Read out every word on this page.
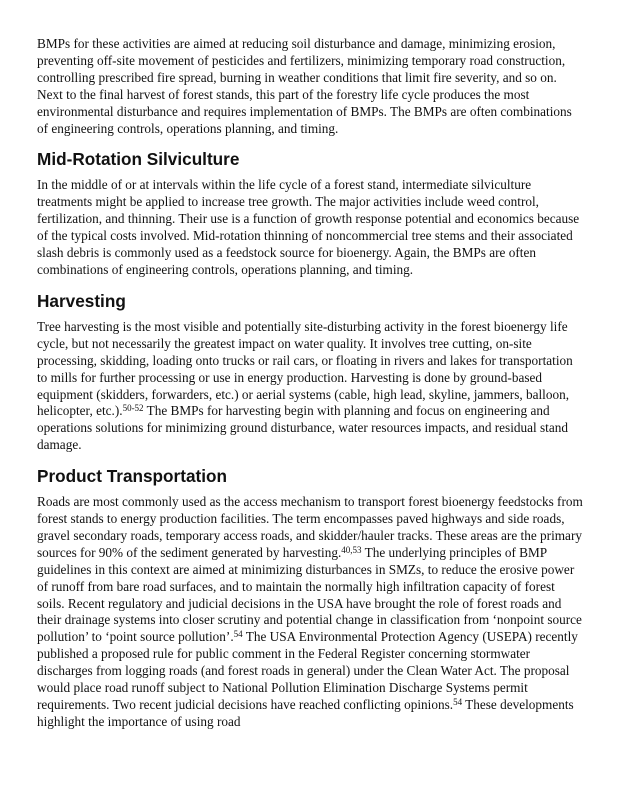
BMPs for these activities are aimed at reducing soil disturbance and damage, minimizing erosion, preventing off-site movement of pesticides and fertilizers, minimizing temporary road construction, controlling prescribed fire spread, burning in weather conditions that limit fire severity, and so on. Next to the final harvest of forest stands, this part of the forestry life cycle produces the most environmental disturbance and requires implementation of BMPs. The BMPs are often combinations of engineering controls, operations planning, and timing.

Mid-Rotation Silviculture

In the middle of or at intervals within the life cycle of a forest stand, intermediate silviculture treatments might be applied to increase tree growth. The major activities include weed control, fertilization, and thinning. Their use is a function of growth response potential and economics because of the typical costs involved. Mid-rotation thinning of noncommercial tree stems and their associated slash debris is commonly used as a feedstock source for bioenergy. Again, the BMPs are often combinations of engineering controls, operations planning, and timing.

Harvesting

Tree harvesting is the most visible and potentially site-disturbing activity in the forest bioenergy life cycle, but not necessarily the greatest impact on water quality. It involves tree cutting, on-site processing, skidding, loading onto trucks or rail cars, or floating in rivers and lakes for transportation to mills for further processing or use in energy production. Harvesting is done by ground-based equipment (skidders, forwarders, etc.) or aerial systems (cable, high lead, skyline, jammers, balloon, helicopter, etc.).$^{50-52}$ The BMPs for harvesting begin with planning and focus on engineering and operations solutions for minimizing ground disturbance, water resources impacts, and residual stand damage.

Product Transportation

Roads are most commonly used as the access mechanism to transport forest bioenergy feedstocks from forest stands to energy production facilities. The term encompasses paved highways and side roads, gravel secondary roads, temporary access roads, and skidder/hauler tracks. These areas are the primary sources for 90% of the sediment generated by harvesting.$^{40,53}$ The underlying principles of BMP guidelines in this context are aimed at minimizing disturbances in SMZs, to reduce the erosive power of runoff from bare road surfaces, and to maintain the normally high infiltration capacity of forest soils. Recent regulatory and judicial decisions in the USA have brought the role of forest roads and their drainage systems into closer scrutiny and potential change in classification from ‘nonpoint source pollution’ to ‘point source pollution’.$^{54}$ The USA Environmental Protection Agency (USEPA) recently published a proposed rule for public comment in the Federal Register concerning stormwater discharges from logging roads (and forest roads in general) under the Clean Water Act. The proposal would place road runoff subject to National Pollution Elimination Discharge Systems permit requirements. Two recent judicial decisions have reached conflicting opinions.$^{54}$ These developments highlight the importance of using road
